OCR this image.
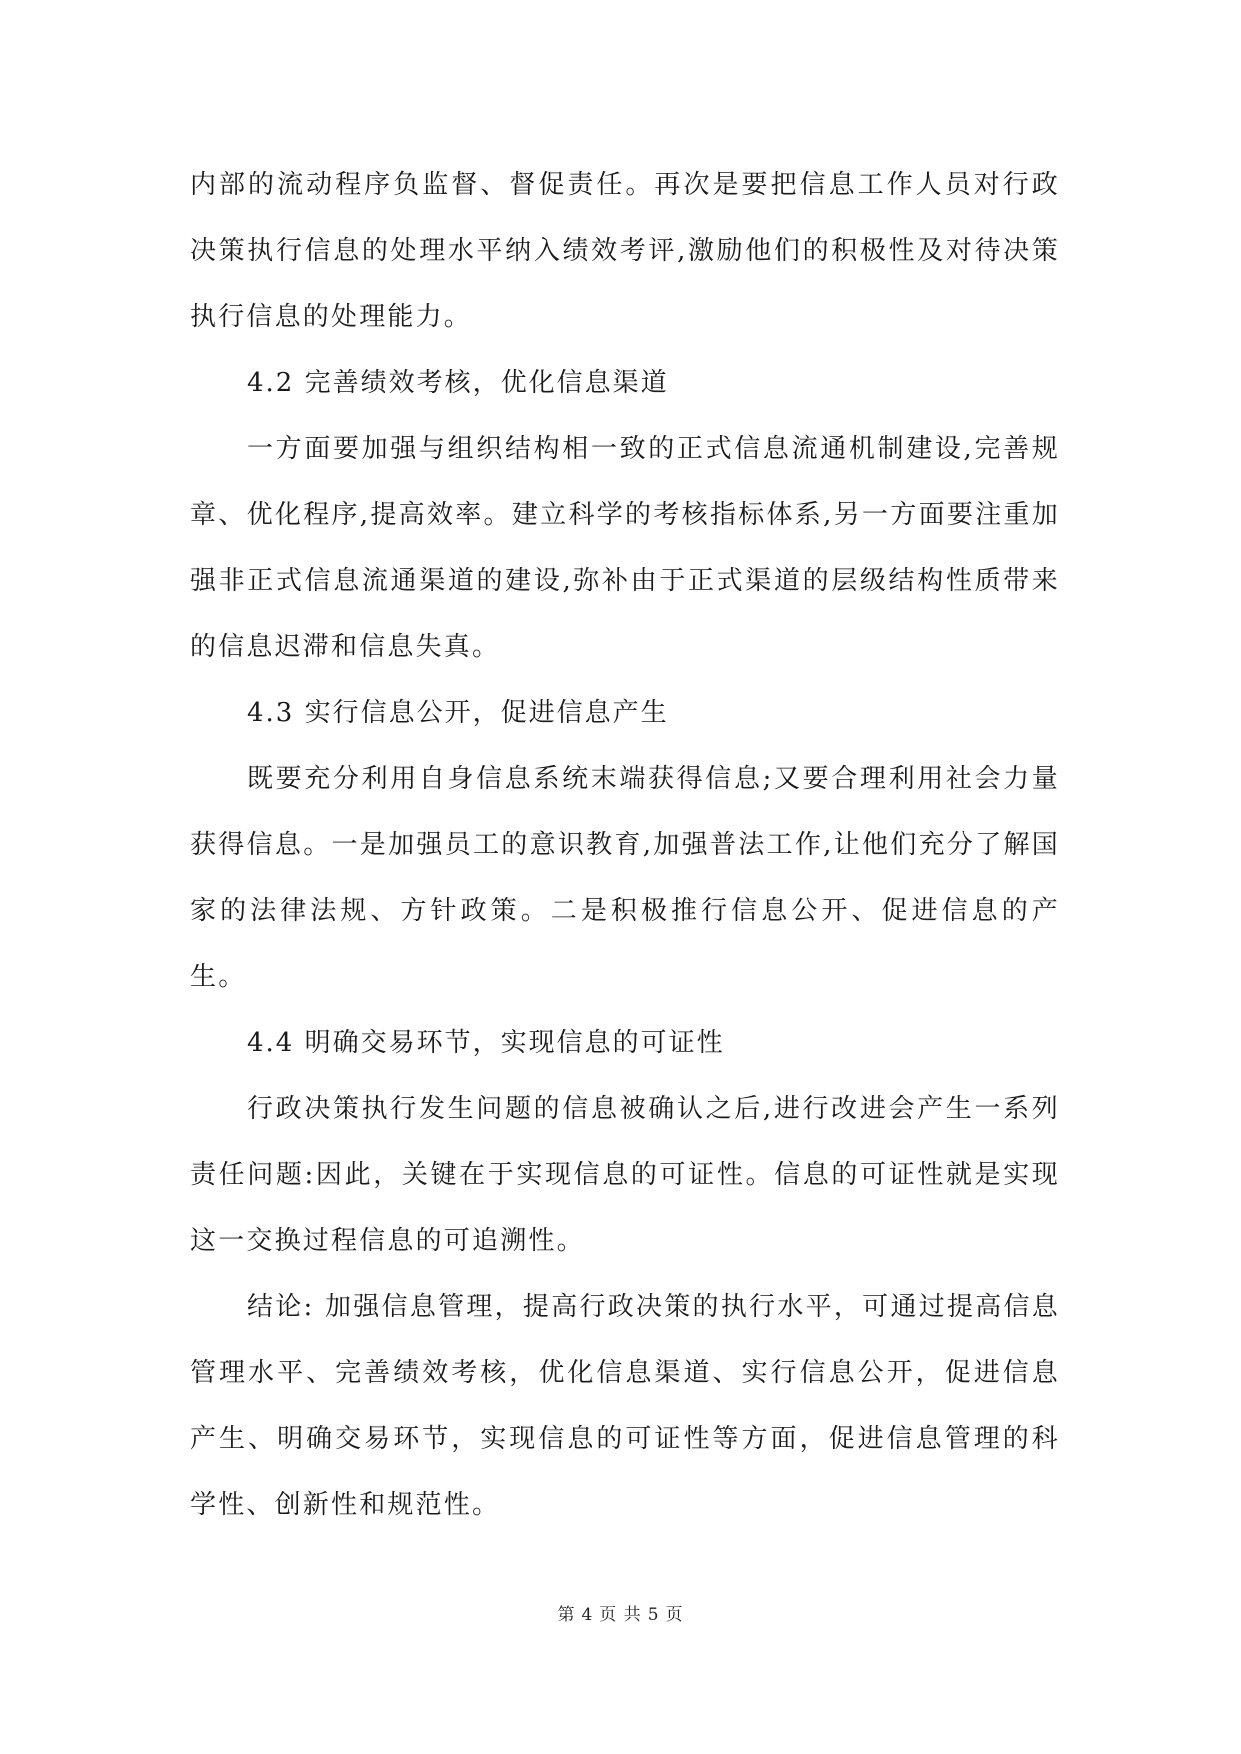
内部的流动程序负监督、督促责任。再次是要把信息工作人员对行政决策执行信息的处理水平纳入绩效考评,激励他们的积极性及对待决策执行信息的处理能力。

4.2 完善绩效考核，优化信息渠道

一方面要加强与组织结构相一致的正式信息流通机制建设,完善规章、优化程序,提高效率。建立科学的考核指标体系,另一方面要注重加强非正式信息流通渠道的建设,弥补由于正式渠道的层级结构性质带来的信息迟滞和信息失真。

4.3 实行信息公开，促进信息产生

既要充分利用自身信息系统末端获得信息;又要合理利用社会力量获得信息。一是加强员工的意识教育,加强普法工作,让他们充分了解国家的法律法规、方针政策。二是积极推行信息公开、促进信息的产生。

4.4 明确交易环节，实现信息的可证性

行政决策执行发生问题的信息被确认之后,进行改进会产生一系列责任问题:因此，关键在于实现信息的可证性。信息的可证性就是实现这一交换过程信息的可追溯性。

结论: 加强信息管理，提高行政决策的执行水平，可通过提高信息管理水平、完善绩效考核，优化信息渠道、实行信息公开，促进信息产生、明确交易环节，实现信息的可证性等方面，促进信息管理的科学性、创新性和规范性。

第 4 页 共 5 页
